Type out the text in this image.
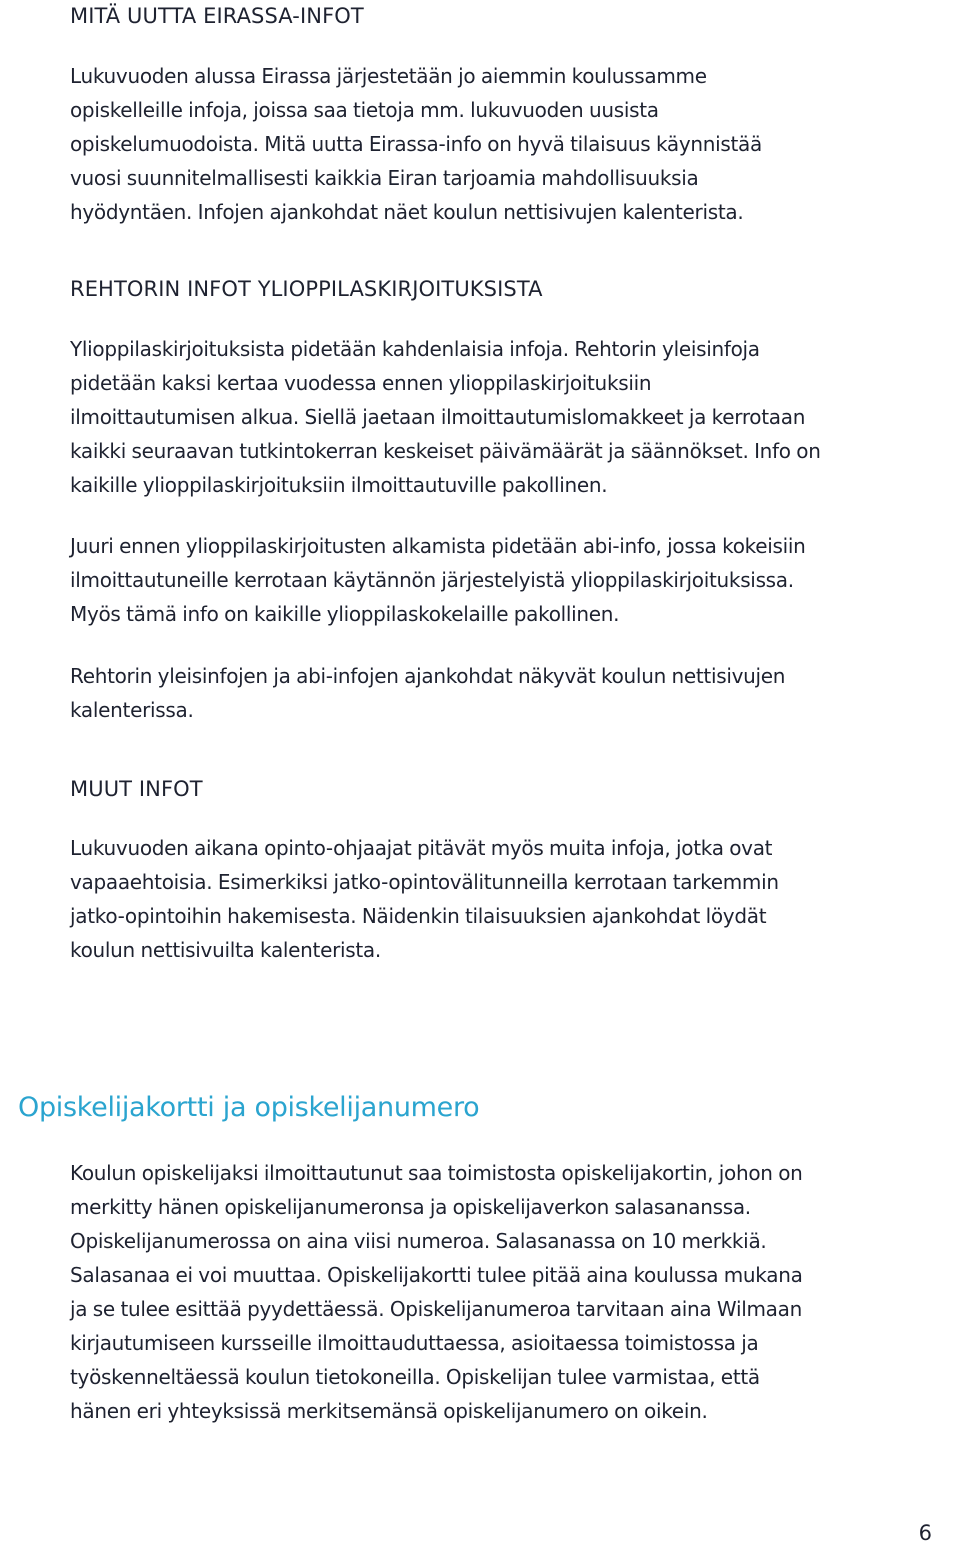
MITÄ UUTTA EIRASSA-INFOT

Lukuvuoden alussa Eirassa järjestetään jo aiemmin koulussamme
opiskelleille infoja, joissa saa tietoja mm. lukuvuoden uusista
opiskelumuodoista. Mitä uutta Eirassa-info on hyvä tilaisuus käynnistää
vuosi suunnitelmallisesti kaikkia Eiran tarjoamia mahdollisuuksia
hyödyntäen. Infojen ajankohdat näet koulun nettisivujen kalenterista.

REHTORIN INFOT YLIOPPILASKIRJOITUKSISTA

Ylioppilaskirjoituksista pidetään kahdenlaisia infoja. Rehtorin yleisinfoja
pidetään kaksi kertaa vuodessa ennen ylioppilaskirjoituksiin
ilmoittautumisen alkua. Siellä jaetaan ilmoittautumislomakkeet ja kerrotaan
kaikki seuraavan tutkintokerran keskeiset päivämäärät ja säännökset. Info on
kaikille ylioppilaskirjoituksiin ilmoittautuville pakollinen.

Juuri ennen ylioppilaskirjoitusten alkamista pidetään abi-info, jossa kokeisiin
ilmoittautuneille kerrotaan käytännön järjestelyistä ylioppilaskirjoituksissa.
Myös tämä info on kaikille ylioppilaskokelaille pakollinen.

Rehtorin yleisinfojen ja abi-infojen ajankohdat näkyvät koulun nettisivujen
kalenterissa.

MUUT INFOT

Lukuvuoden aikana opinto-ohjaajat pitävät myös muita infoja, jotka ovat
vapaaehtoisia. Esimerkiksi jatko-opintovälitunneilla kerrotaan tarkemmin
jatko-opintoihin hakemisesta. Näidenkin tilaisuuksien ajankohdat löydät
koulun nettisivuilta kalenterista.

Opiskelijakortti ja opiskelijanumero

Koulun opiskelijaksi ilmoittautunut saa toimistosta opiskelijakortin, johon on
merkitty hänen opiskelijanumeronsa ja opiskelijaverkon salasananssa.
Opiskelijanumerossa on aina viisi numeroa. Salasanassa on 10 merkkiä.
Salasanaa ei voi muuttaa. Opiskelijakortti tulee pitää aina koulussa mukana
ja se tulee esittää pyydettäessä. Opiskelijanumeroa tarvitaan aina Wilmaan
kirjautumiseen kursseille ilmoittauduttaessa, asioitaessa toimistossa ja
työskenneltäessä koulun tietokoneilla. Opiskelijan tulee varmistaa, että
hänen eri yhteyksissä merkitsemänsä opiskelijanumero on oikein.

6
